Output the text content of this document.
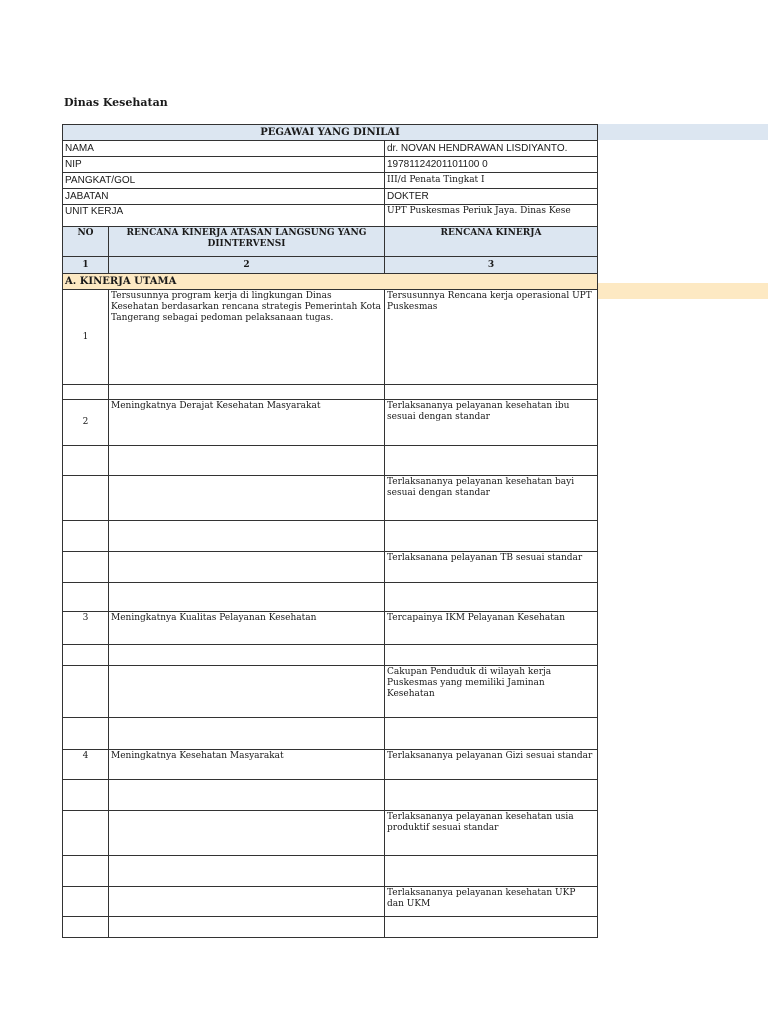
Dinas Kesehatan
PEGAWAI YANG DINILAI		
NAMA		dr. NOVAN HENDRAWAN LISDIYANTO.
NIP		19781124201101100 0
PANGKAT/GOL		III/d Penata Tingkat I
JABATAN		DOKTER
UNIT KERJA		UPT Puskesmas Periuk Jaya. Dinas Kese
NO	RENCANA KINERJA ATASAN LANGSUNG YANG DIINTERVENSI	RENCANA KINERJA
1	2	3
A. KINERJA UTAMA		
1	Tersusunnya program kerja di lingkungan Dinas Kesehatan berdasarkan rencana strategis Pemerintah Kota Tangerang sebagai pedoman pelaksanaan tugas.	Tersusunnya Rencana kerja operasional UPT Puskesmas

2	Meningkatnya Derajat Kesehatan Masyarakat	Terlaksananya pelayanan kesehatan ibu sesuai dengan standar

		Terlaksananya pelayanan kesehatan bayi sesuai dengan standar

		Terlaksanana pelayanan TB sesuai standar

3	Meningkatnya Kualitas Pelayanan Kesehatan	Tercapainya IKM Pelayanan Kesehatan

		Cakupan Penduduk di wilayah kerja Puskesmas yang memiliki Jaminan Kesehatan

4	Meningkatnya Kesehatan Masyarakat	Terlaksananya pelayanan Gizi sesuai standar

		Terlaksananya pelayanan kesehatan usia produktif sesuai standar

		Terlaksananya pelayanan kesehatan UKP dan UKM
